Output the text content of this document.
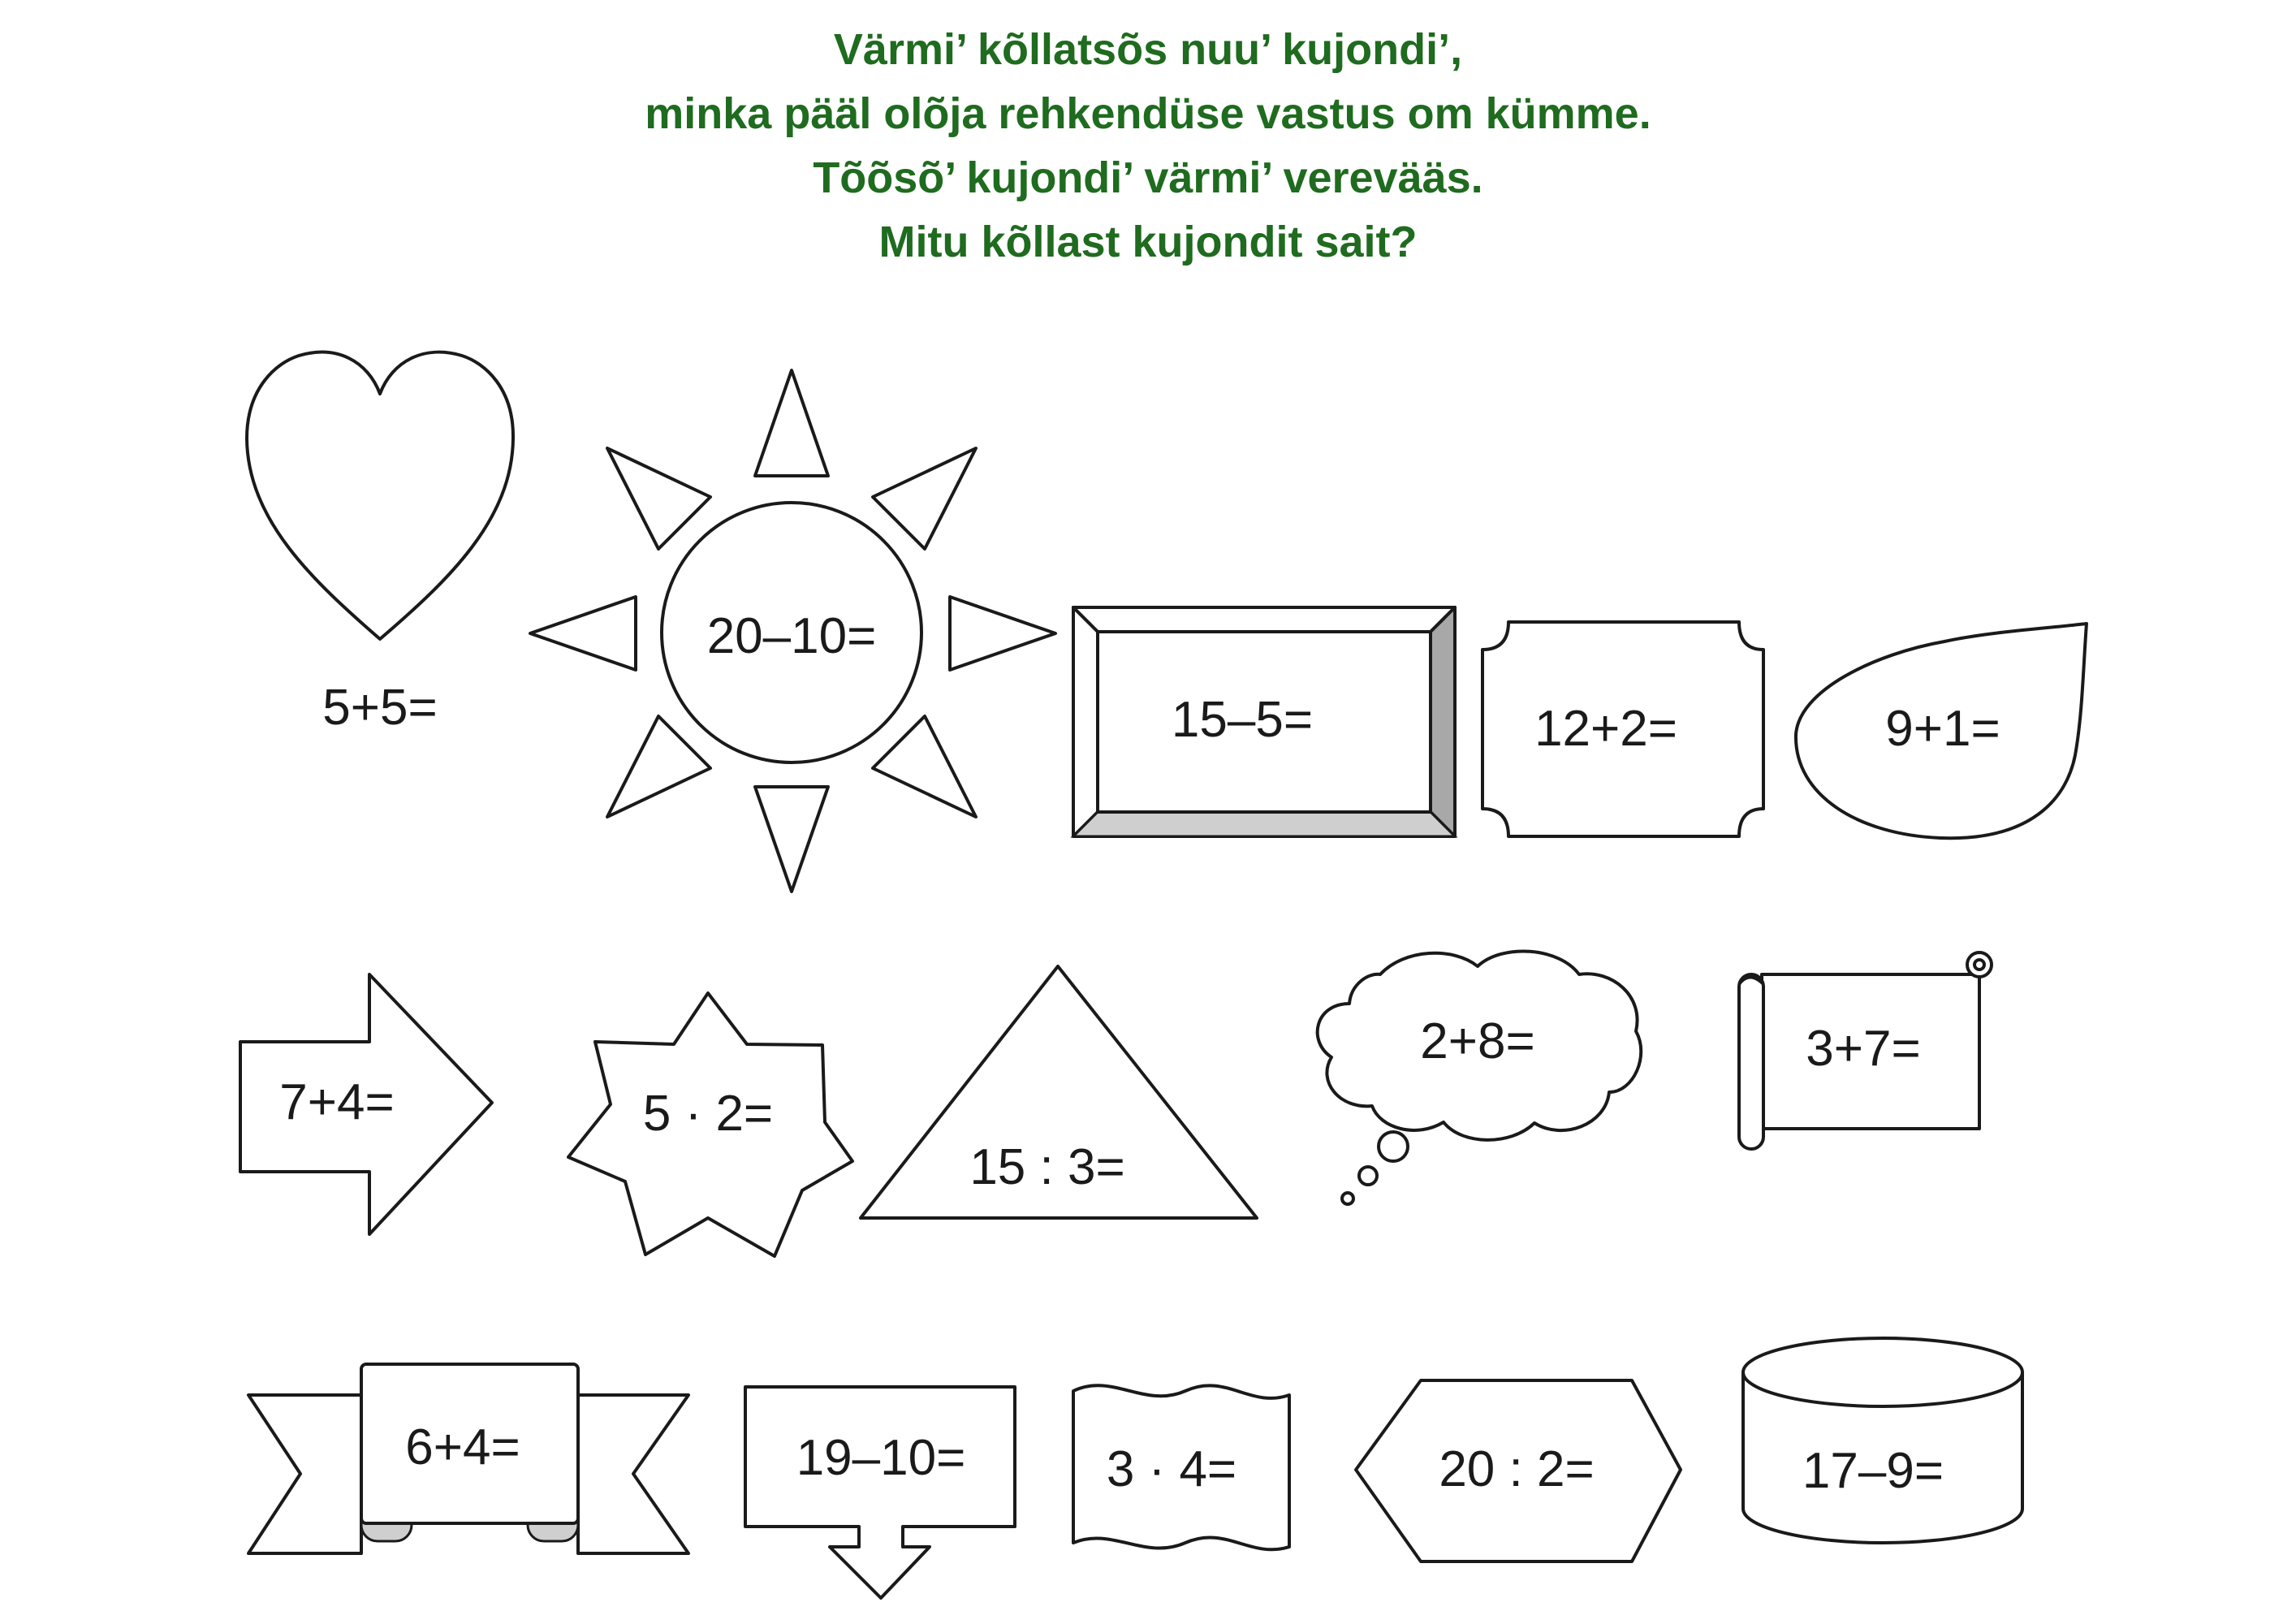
Värmi’ kõllatsõs nuu’ kujondi’,
minka pääl olõja rehkendüse vastus om kümme.
Tõõsõ’ kujondi’ värmi’ verevääs.
Mitu kõllast kujondit sait?
5+5=
20–10=
15–5=	12+2=	9+1=
7+4=	5 · 2=
15 : 3=
2+8=	3+7=
6+4=	19–10=	3 · 4=	20 : 2=	17–9=
